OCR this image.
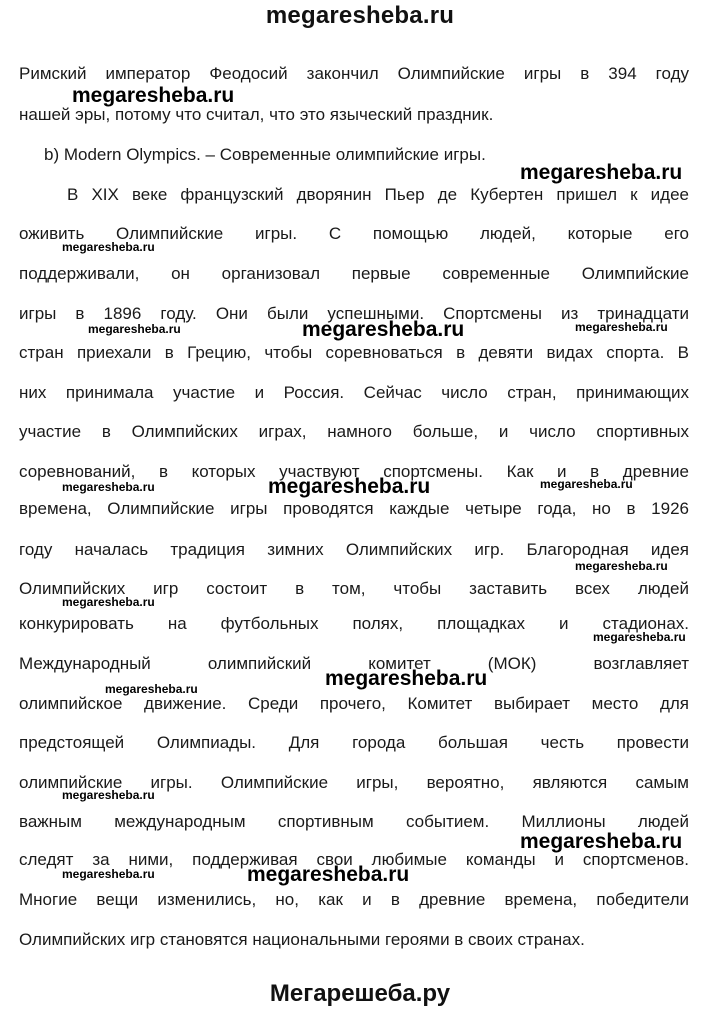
megaresheba.ru
Римский император Феодосий закончил Олимпийские игры в 394 году
нашей эры, потому что считал, что это языческий праздник.
b) Modern Olympics. – Современные олимпийские игры.
В XIX веке французский дворянин Пьер де Кубертен пришел к идее
оживить Олимпийские игры. С помощью людей, которые его
поддерживали, он организовал первые современные Олимпийские
игры в 1896 году. Они были успешными. Спортсмены из тринадцати
стран приехали в Грецию, чтобы соревноваться в девяти видах спорта. В
них принимала участие и Россия. Сейчас число стран, принимающих
участие в Олимпийских играх, намного больше, и число спортивных
соревнований, в которых участвуют спортсмены. Как и в древние
времена, Олимпийские игры проводятся каждые четыре года, но в 1926
году началась традиция зимних Олимпийских игр. Благородная идея
Олимпийских игр состоит в том, чтобы заставить всех людей
конкурировать на футбольных полях, площадках и стадионах.
Международный олимпийский комитет (МОК) возглавляет
олимпийское движение. Среди прочего, Комитет выбирает место для
предстоящей Олимпиады. Для города большая честь провести
олимпийские игры. Олимпийские игры, вероятно, являются самым
важным международным спортивным событием. Миллионы людей
следят за ними, поддерживая свои любимые команды и спортсменов.
Многие вещи изменились, но, как и в древние времена, победители
Олимпийских игр становятся национальными героями в своих странах.
megaresheba.ru
megaresheba.ru
megaresheba.ru
megaresheba.ru	megaresheba.ru	megaresheba.ru
megaresheba.ru	megaresheba.ru	megaresheba.ru
megaresheba.ru
megaresheba.ru
megaresheba.ru
megaresheba.ru	megaresheba.ru
megaresheba.ru
megaresheba.ru
megaresheba.ru	megaresheba.ru
Мегарешеба.ру
